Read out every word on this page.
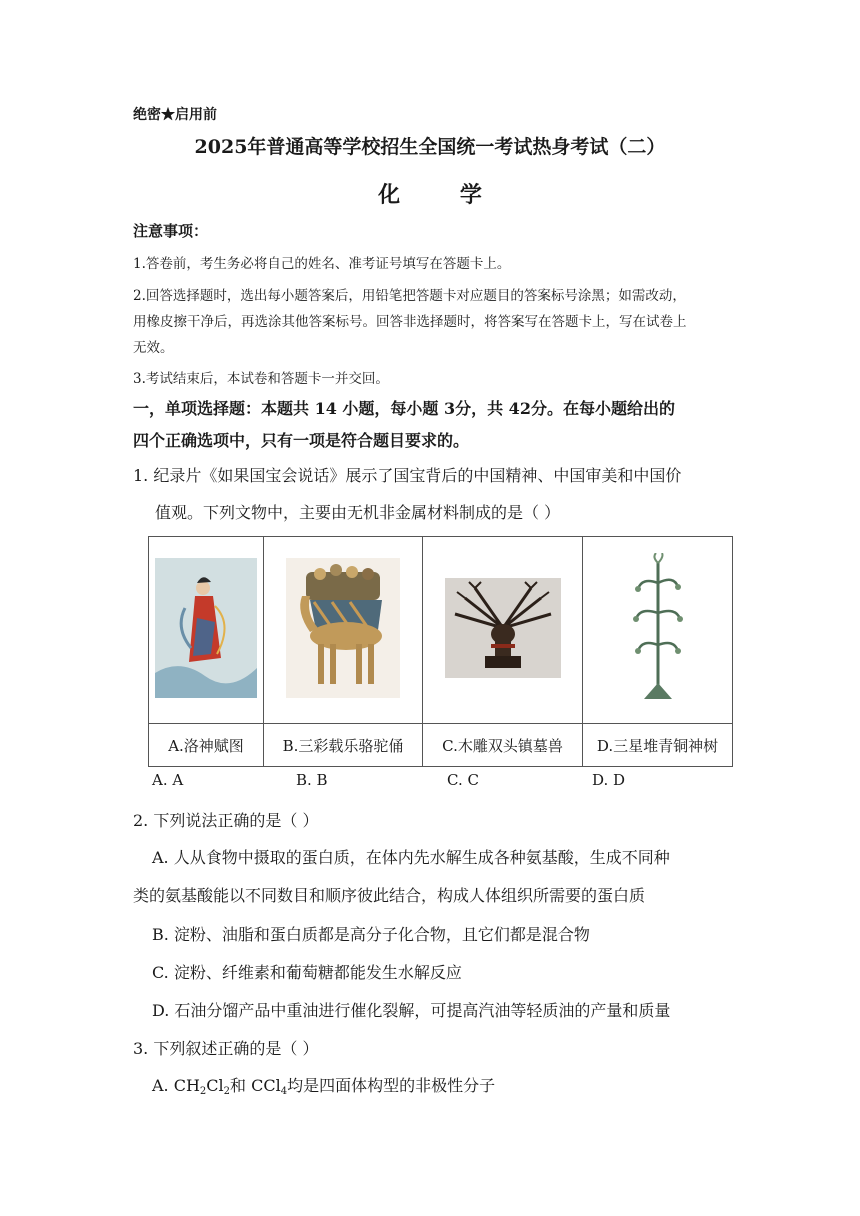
绝密★启用前
2025年普通高等学校招生全国统一考试热身考试（二）
化 学
注意事项：
1.答卷前，考生务必将自己的姓名、准考证号填写在答题卡上。
2.回答选择题时，选出每小题答案后，用铅笔把答题卡对应题目的答案标号涂黑；如需改动，
用橡皮擦干净后，再选涂其他答案标号。回答非选择题时，将答案写在答题卡上，写在试卷上
无效。
3.考试结束后，本试卷和答题卡一并交回。
一，单项选择题：本题共 14 小题，每小题 3分，共 42分。在每小题给出的
四个正确选项中，只有一项是符合题目要求的。
1. 纪录片《如果国宝会说话》展示了国宝背后的中国精神、中国审美和中国价
值观。下列文物中，主要由无机非金属材料制成的是（ ）

A.洛神赋图	B.三彩载乐骆驼俑	C.木雕双头镇墓兽	D.三星堆青铜神树
A. A	B. B	C. C	D. D
2. 下列说法正确的是（ ）
A. 人从食物中摄取的蛋白质，在体内先水解生成各种氨基酸，生成不同种
类的氨基酸能以不同数目和顺序彼此结合，构成人体组织所需要的蛋白质
B. 淀粉、油脂和蛋白质都是高分子化合物，且它们都是混合物
C. 淀粉、纤维素和葡萄糖都能发生水解反应
D. 石油分馏产品中重油进行催化裂解，可提高汽油等轻质油的产量和质量
3. 下列叙述正确的是（ ）
A. CH2Cl2和 CCl4均是四面体构型的非极性分子
